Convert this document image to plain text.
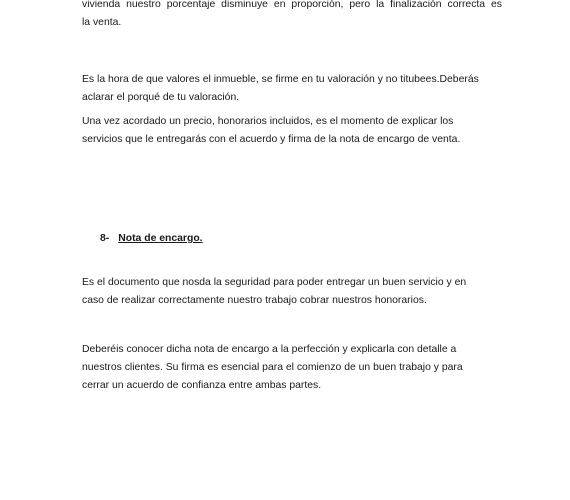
vivienda nuestro porcentaje disminuye en proporción, pero la finalización correcta es
la venta.

Es la hora de que valores el inmueble, se firme en tu valoración y no titubees.Deberás
aclarar el porqué de tu valoración.

Una vez acordado un precio, honorarios incluidos, es el momento de explicar los
servicios que le entregarás con el acuerdo y firma de la nota de encargo de venta.

8- Nota de encargo.

Es el documento que nosda la seguridad para poder entregar un buen servicio y en
caso de realizar correctamente nuestro trabajo cobrar nuestros honorarios.

Deberéis conocer dicha nota de encargo a la perfección y explicarla con detalle a
nuestros clientes. Su firma es esencial para el comienzo de un buen trabajo y para
cerrar un acuerdo de confianza entre ambas partes.
